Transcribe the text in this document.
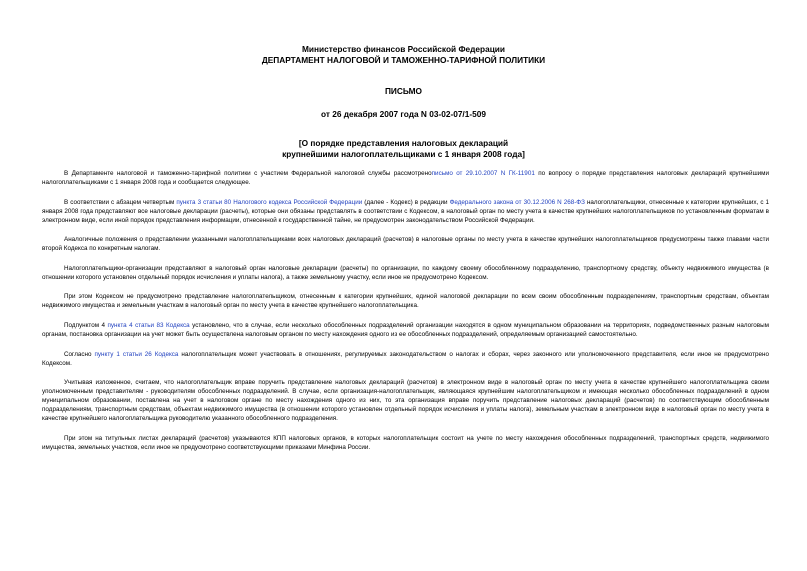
Министерство финансов Российской Федерации
ДЕПАРТАМЕНТ НАЛОГОВОЙ И ТАМОЖЕННО-ТАРИФНОЙ ПОЛИТИКИ
ПИСЬМО
от 26 декабря 2007 года N 03-02-07/1-509
[О порядке представления налоговых деклараций
крупнейшими налогоплательщиками с 1 января 2008 года]

В Департаменте налоговой и таможенно-тарифной политики с участием Федеральной налоговой службы рассмотренописьмо от 29.10.2007 N ГК-11901 по вопросу о порядке представления налоговых деклараций крупнейшими налогоплательщиками с 1 января 2008 года и сообщается следующее.

В соответствии с абзацем четвертым пункта 3 статьи 80 Налогового кодекса Российской Федерации (далее - Кодекс) в редакции Федерального закона от 30.12.2006 N 268-ФЗ налогоплательщики, отнесенные к категории крупнейших, с 1 января 2008 года представляют все налоговые декларации (расчеты), которые они обязаны представлять в соответствии с Кодексом, в налоговый орган по месту учета в качестве крупнейших налогоплательщиков по установленным форматам в электронном виде, если иной порядок представления информации, отнесенной к государственной тайне, не предусмотрен законодательством Российской Федерации.

Аналогичные положения о представлении указанными налогоплательщиками всех налоговых деклараций (расчетов) в налоговые органы по месту учета в качестве крупнейших налогоплательщиков предусмотрены также главами части второй Кодекса по конкретным налогам.

Налогоплательщики-организации представляют в налоговый орган налоговые декларации (расчеты) по организации, по каждому своему обособленному подразделению, транспортному средству, объекту недвижимого имущества (в отношении которого установлен отдельный порядок исчисления и уплаты налога), а также земельному участку, если иное не предусмотрено Кодексом.

При этом Кодексом не предусмотрено представление налогоплательщиком, отнесенным к категории крупнейших, единой налоговой декларации по всем своим обособленным подразделениям, транспортным средствам, объектам недвижимого имущества и земельным участкам в налоговый орган по месту учета в качестве крупнейшего налогоплательщика.

Подпунктом 4 пункта 4 статьи 83 Кодекса установлено, что в случае, если несколько обособленных подразделений организации находятся в одном муниципальном образовании на территориях, подведомственных разным налоговым органам, постановка организации на учет может быть осуществлена налоговым органом по месту нахождения одного из ее обособленных подразделений, определяемым организацией самостоятельно.

Согласно пункту 1 статьи 26 Кодекса налогоплательщик может участвовать в отношениях, регулируемых законодательством о налогах и сборах, через законного или уполномоченного представителя, если иное не предусмотрено Кодексом.

Учитывая изложенное, считаем, что налогоплательщик вправе поручить представление налоговых деклараций (расчетов) в электронном виде в налоговый орган по месту учета в качестве крупнейшего налогоплательщика своим уполномоченным представителям - руководителям обособленных подразделений. В случае, если организация-налогоплательщик, являющаяся крупнейшим налогоплательщиком и имеющая несколько обособленных подразделений в одном муниципальном образовании, поставлена на учет в налоговом органе по месту нахождения одного из них, то эта организация вправе поручить представление налоговых деклараций (расчетов) по соответствующим обособленным подразделениям, транспортным средствам, объектам недвижимого имущества (в отношении которого установлен отдельный порядок исчисления и уплаты налога), земельным участкам в электронном виде в налоговый орган по месту учета в качестве крупнейшего налогоплательщика руководителю указанного обособленного подразделения.

При этом на титульных листах деклараций (расчетов) указываются КПП налоговых органов, в которых налогоплательщик состоит на учете по месту нахождения обособленных подразделений, транспортных средств, недвижимого имущества, земельных участков, если иное не предусмотрено соответствующими приказами Минфина России.
